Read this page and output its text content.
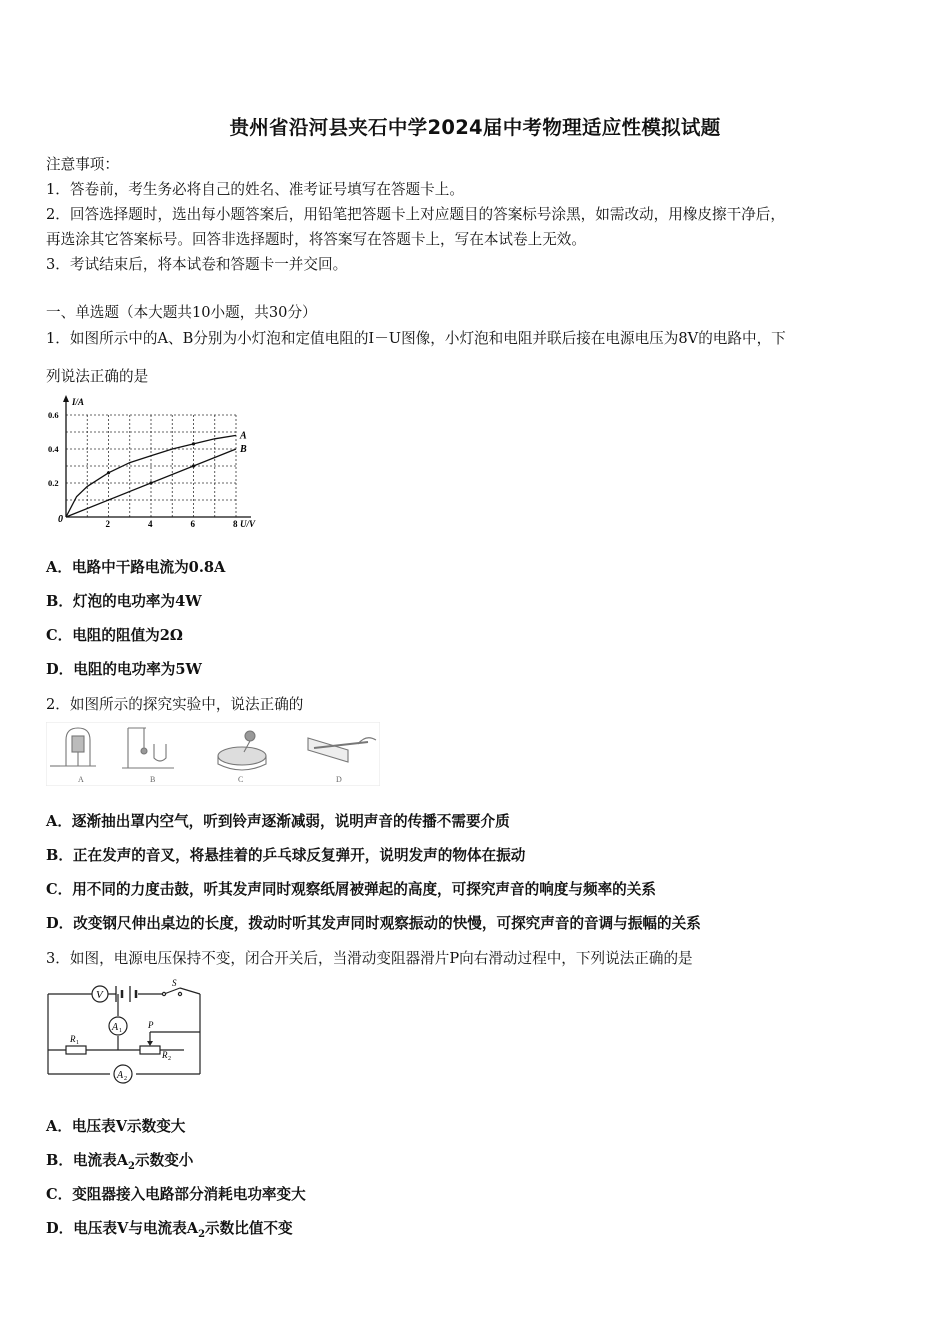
贵州省沿河县夹石中学2024届中考物理适应性模拟试题
注意事项：
1．答卷前，考生务必将自己的姓名、准考证号填写在答题卡上。
2．回答选择题时，选出每小题答案后，用铅笔把答题卡上对应题目的答案标号涂黑，如需改动，用橡皮擦干净后，
再选涂其它答案标号。回答非选择题时，将答案写在答题卡上，写在本试卷上无效。
3．考试结束后，将本试卷和答题卡一并交回。
一、单选题（本大题共10小题，共30分）
1．如图所示中的A、B分别为小灯泡和定值电阻的I－U图像，小灯泡和电阻并联后接在电源电压为8V的电路中，下
列说法正确的是
A
B
2	4	6	8
0.2
0.4
0.6
I/A
U/V
0
A．电路中干路电流为0.8A
B．灯泡的电功率为4W
C．电阻的阻值为2Ω
D．电阻的电功率为5W
2．如图所示的探究实验中，说法正确的
A	B	C	D
A．逐渐抽出罩内空气，听到铃声逐渐减弱，说明声音的传播不需要介质
B．正在发声的音叉，将悬挂着的乒乓球反复弹开，说明发声的物体在振动
C．用不同的力度击鼓，听其发声同时观察纸屑被弹起的高度，可探究声音的响度与频率的关系
D．改变钢尺伸出桌边的长度，拨动时听其发声同时观察振动的快慢，可探究声音的音调与振幅的关系
3．如图，电源电压保持不变，闭合开关后，当滑动变阻器滑片P向右滑动过程中，下列说法正确的是
V
A 1
R 1
P
R 2
A 2
S
A．电压表V示数变大
B．电流表$A_2$示数变小
C．变阻器接入电路部分消耗电功率变大
D．电压表V与电流表$A_2$示数比值不变
